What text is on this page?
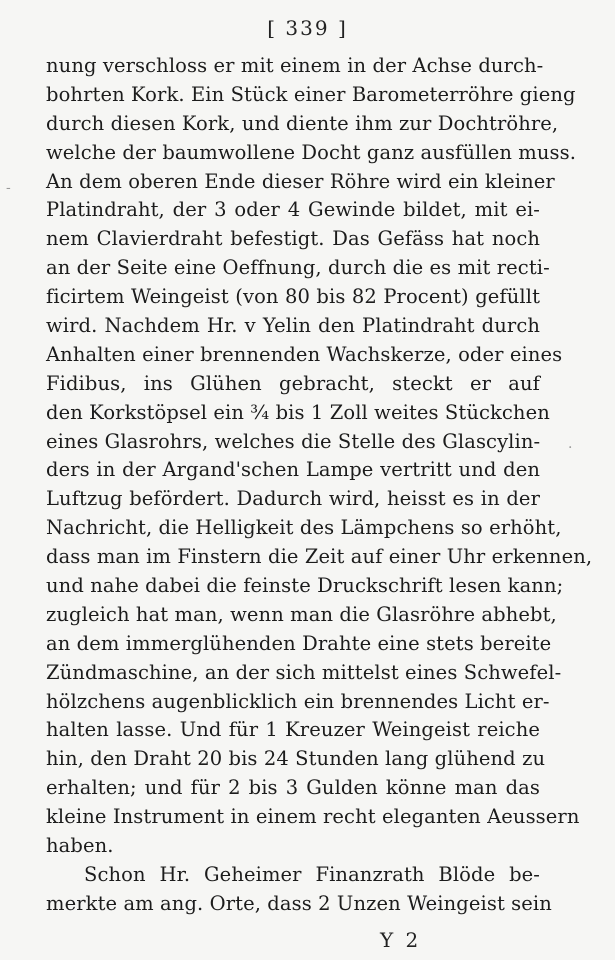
[ 339 ]
nung verschloss er mit einem in der Achse durch-
bohrten Kork. Ein Stück einer Barometerröhre gieng
durch diesen Kork, und diente ihm zur Dochtröhre,
welche der baumwollene Docht ganz ausfüllen muss.
An dem oberen Ende dieser Röhre wird ein kleiner
Platindraht, der 3 oder 4 Gewinde bildet, mit ei-
nem Clavierdraht befestigt. Das Gefäss hat noch
an der Seite eine Oeffnung, durch die es mit recti-
ficirtem Weingeist (von 80 bis 82 Procent) gefüllt
wird. Nachdem Hr. v Yelin den Platindraht durch
Anhalten einer brennenden Wachskerze, oder eines
Fidibus, ins Glühen gebracht, steckt er auf
den Korkstöpsel ein ¾ bis 1 Zoll weites Stückchen
eines Glasrohrs, welches die Stelle des Glascylin-
ders in der Argand'schen Lampe vertritt und den
Luftzug befördert. Dadurch wird, heisst es in der
Nachricht, die Helligkeit des Lämpchens so erhöht,
dass man im Finstern die Zeit auf einer Uhr erkennen,
und nahe dabei die feinste Druckschrift lesen kann;
zugleich hat man, wenn man die Glasröhre abhebt,
an dem immerglühenden Drahte eine stets bereite
Zündmaschine, an der sich mittelst eines Schwefel-
hölzchens augenblicklich ein brennendes Licht er-
halten lasse. Und für 1 Kreuzer Weingeist reiche
hin, den Draht 20 bis 24 Stunden lang glühend zu
erhalten; und für 2 bis 3 Gulden könne man das
kleine Instrument in einem recht eleganten Aeussern
haben.
Schon Hr. Geheimer Finanzrath Blöde be-
merkte am ang. Orte, dass 2 Unzen Weingeist sein
Y 2
-
·
